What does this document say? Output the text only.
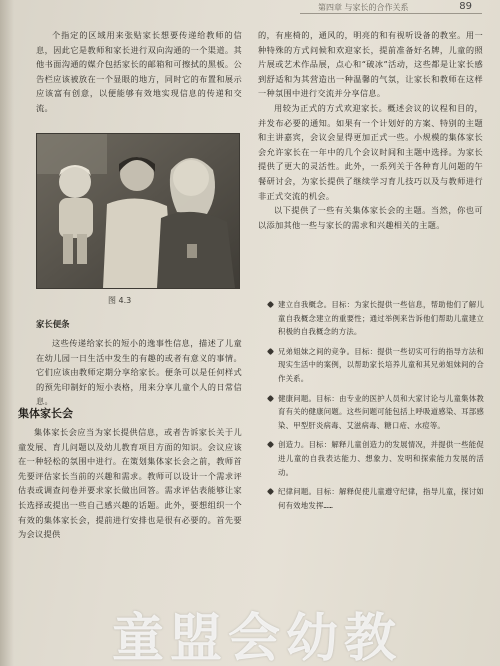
第四章 与家长的合作关系	89

个指定的区域用来张贴家长想要传递给教师的信息，因此它是教师和家长进行双向沟通的一个渠道。其他书面沟通的媒介包括家长的邮箱和可擦拭的黑板。公告栏应该被放在一个显眼的地方，同时它的布置和展示应该富有创意，以便能够有效地实现信息的传递和交流。

图 4.3
家长便条

这些传递给家长的短小的逸事性信息，描述了儿童在幼儿园一日生活中发生的有趣的或者有意义的事情。它们应该由教师定期分享给家长。便条可以是任何样式的预先印制好的短小表格，用来分享儿童个人的日常信息。

集体家长会

集体家长会应当为家长提供信息，或者告诉家长关于儿童发展、育儿问题以及幼儿教育项目方面的知识。会议应该在一种轻松的氛围中进行。在策划集体家长会之前，教师首先要评估家长当前的兴趣和需求。教师可以设计一个需求评估表或调查问卷并要求家长做出回答。需求评估表能够让家长选择或提出一些自己感兴趣的话题。此外，要想组织一个有效的集体家长会，提前进行安排也是很有必要的。首先要为会议提供

的，有座椅的，通风的，明亮的和有视听设备的教室。用一种特殊的方式问候和欢迎家长，提前准备好名牌，儿童的照片展或艺术作品展，点心和“破冰”活动，这些都是让家长感到舒适和为其营造出一种温馨的气氛，让家长和教师在这样一种氛围中进行交流并分享信息。

用较为正式的方式欢迎家长。概述会议的议程和目的，并发布必要的通知。如果有一个计划好的方案、特别的主题和主讲嘉宾，会议会显得更加正式一些。小规模的集体家长会允许家长在一年中的几个会议时间和主题中选择。为家长提供了更大的灵活性。此外，一系列关于各种育儿问题的午餐研讨会，为家长提供了继续学习育儿技巧以及与教师进行非正式交流的机会。

以下提供了一些有关集体家长会的主题。当然，你也可以添加其他一些与家长的需求和兴趣相关的主题。

建立自我概念。目标：为家长提供一些信息，帮助他们了解儿童自我概念建立的重要性；通过举例来告诉他们帮助儿童建立积极的自我概念的方法。

兄弟姐妹之间的竞争。目标：提供一些切实可行的指导方法和现实生活中的案例，以帮助家长培养儿童和其兄弟姐妹间的合作关系。

健康问题。目标：由专业的医护人员和大家讨论与儿童集体教育有关的健康问题。这些问题可能包括上呼吸道感染、耳部感染、甲型肝炎病毒、艾滋病毒、糖口疮、水痘等。

创造力。目标：解释儿童创造力的发展情况，并提供一些能促进儿童的自我表达能力、想象力、发明和探索能力发展的活动。

纪律问题。目标：解释促使儿童遵守纪律，指导儿童，探讨如何有效地发挥……

童盟会幼教
